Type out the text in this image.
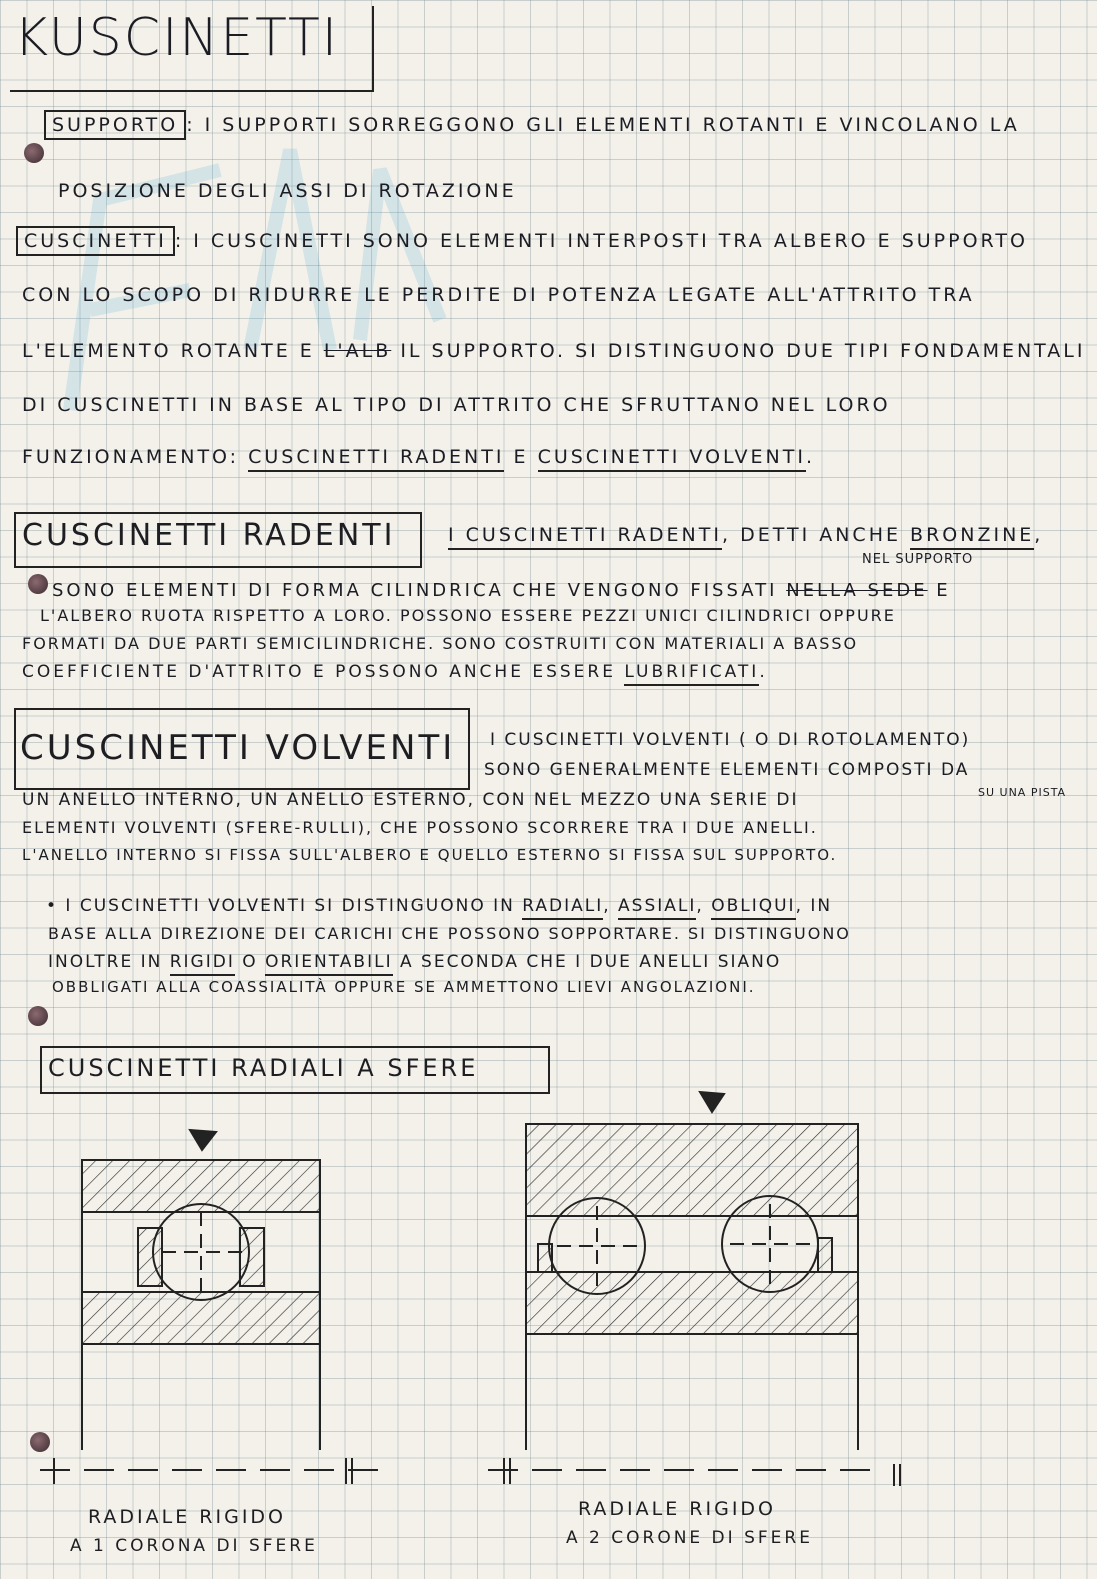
KUSCINETTI
SUPPORTO : I SUPPORTI SORREGGONO GLI ELEMENTI ROTANTI E VINCOLANO LA
POSIZIONE DEGLI ASSI DI ROTAZIONE
CUSCINETTI : I CUSCINETTI SONO ELEMENTI INTERPOSTI TRA ALBERO E SUPPORTO
CON LO SCOPO DI RIDURRE LE PERDITE DI POTENZA LEGATE ALL'ATTRITO TRA
L'ELEMENTO ROTANTE E L'ALB IL SUPPORTO. SI DISTINGUONO DUE TIPI FONDAMENTALI
DI CUSCINETTI IN BASE AL TIPO DI ATTRITO CHE SFRUTTANO NEL LORO
FUNZIONAMENTO: CUSCINETTI RADENTI E CUSCINETTI VOLVENTI.
CUSCINETTI RADENTI	I CUSCINETTI RADENTI, DETTI ANCHE BRONZINE,
NEL SUPPORTO
SONO ELEMENTI DI FORMA CILINDRICA CHE VENGONO FISSATI NELLA SEDE E
L'ALBERO RUOTA RISPETTO A LORO. POSSONO ESSERE PEZZI UNICI CILINDRICI OPPURE
FORMATI DA DUE PARTI SEMICILINDRICHE. SONO COSTRUITI CON MATERIALI A BASSO
COEFFICIENTE D'ATTRITO E POSSONO ANCHE ESSERE LUBRIFICATI.
CUSCINETTI VOLVENTI I CUSCINETTI VOLVENTI ( O DI ROTOLAMENTO)
SONO GENERALMENTE ELEMENTI COMPOSTI DA
UN ANELLO INTERNO, UN ANELLO ESTERNO, CON NEL MEZZO UNA SERIE DI	SU UNA PISTA
ELEMENTI VOLVENTI (SFERE-RULLI), CHE POSSONO SCORRERE TRA I DUE ANELLI.
L'ANELLO INTERNO SI FISSA SULL'ALBERO E QUELLO ESTERNO SI FISSA SUL SUPPORTO.
• I CUSCINETTI VOLVENTI SI DISTINGUONO IN RADIALI, ASSIALI, OBLIQUI, IN
BASE ALLA DIREZIONE DEI CARICHI CHE POSSONO SOPPORTARE. SI DISTINGUONO
INOLTRE IN RIGIDI O ORIENTABILI A SECONDA CHE I DUE ANELLI SIANO
OBBLIGATI ALLA COASSIALITÀ OPPURE SE AMMETTONO LIEVI ANGOLAZIONI.
CUSCINETTI RADIALI A SFERE
RADIALE RIGIDO
A 1 CORONA DI SFERE
RADIALE RIGIDO
A 2 CORONE DI SFERE
